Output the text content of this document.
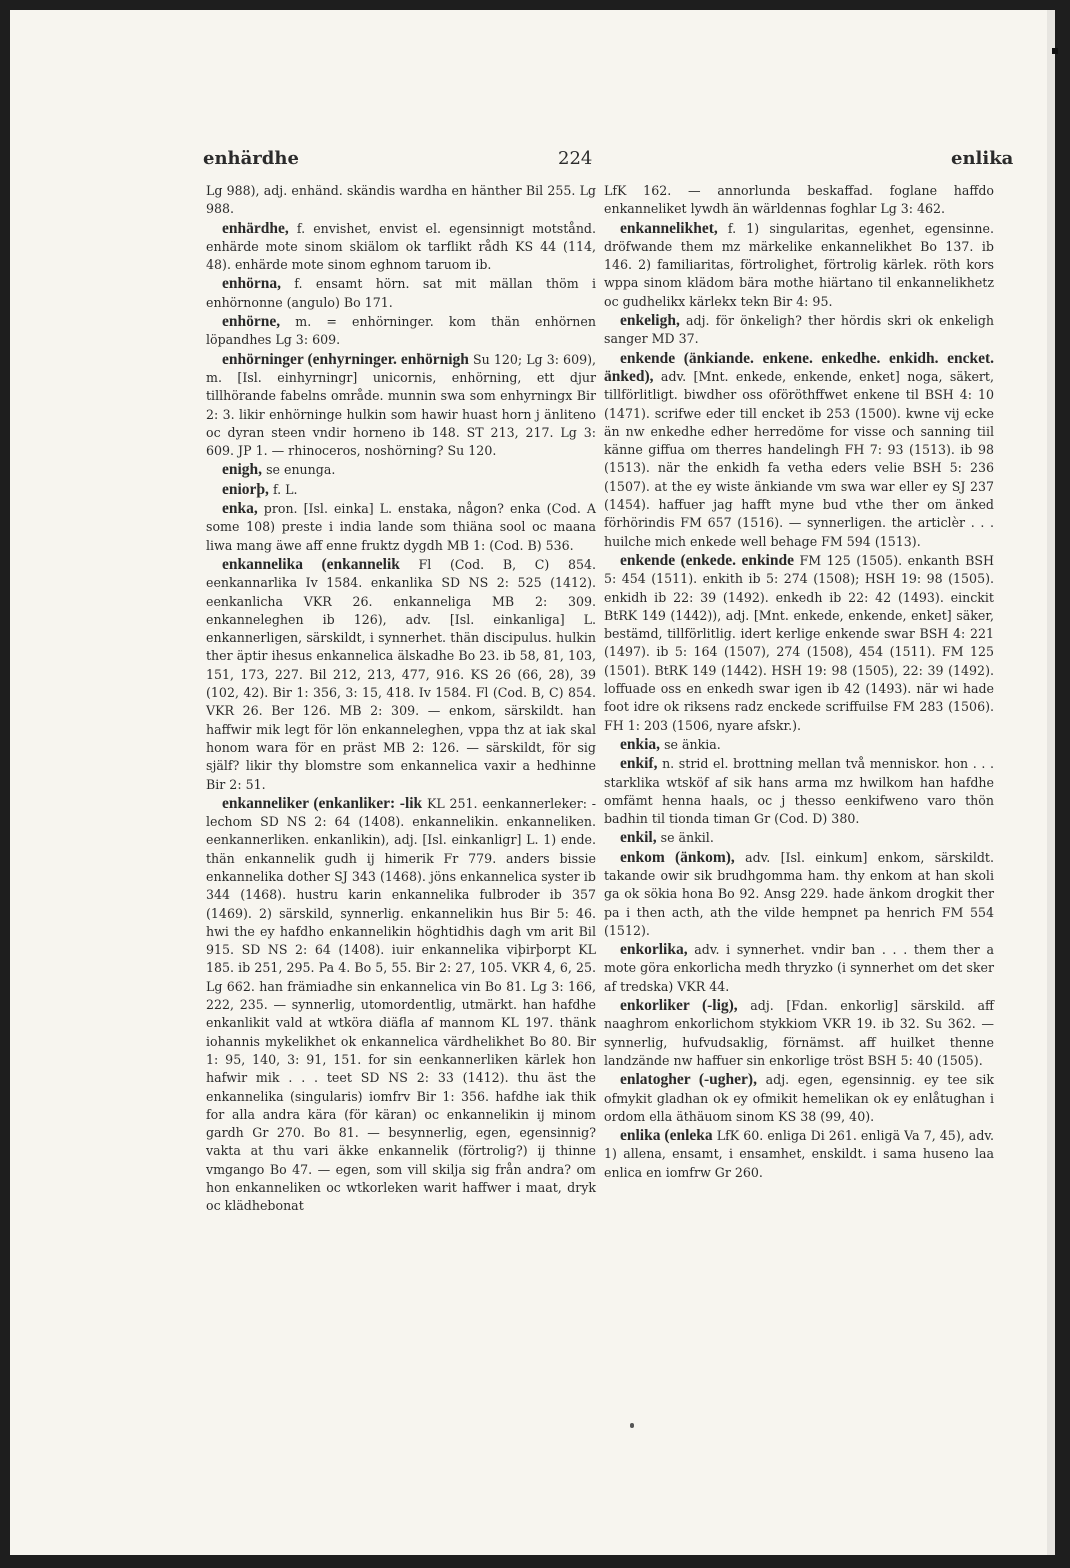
enhärdhe	224	enlika

Lg 988), adj. enhänd. skändis wardha en hänther Bil 255. Lg 988.

enhärdhe, f. envishet, envist el. egensinnigt motstånd. enhärde mote sinom skiälom ok tarflikt rådh KS 44 (114, 48). enhärde mote sinom eghnom taruom ib.

enhörna, f. ensamt hörn. sat mit mällan thöm i enhörnonne (angulo) Bo 171.

enhörne, m. = enhörninger. kom thän enhörnen löpandhes Lg 3: 609.

enhörninger (enhyrninger. enhörnigh Su 120; Lg 3: 609), m. [Isl. einhyrningr] unicornis, enhörning, ett djur tillhörande fabelns område. munnin swa som enhyrningx Bir 2: 3. likir enhörninge hulkin som hawir huast horn j änliteno oc dyran steen vndir horneno ib 148. ST 213, 217. Lg 3: 609. JP 1. — rhinoceros, noshörning? Su 120.

enigh, se enunga.

eniorþ, f. L.

enka, pron. [Isl. einka] L. enstaka, någon? enka (Cod. A some 108) preste i india lande som thiäna sool oc maana liwa mang äwe aff enne fruktz dygdh MB 1: (Cod. B) 536.

enkannelika (enkannelik Fl (Cod. B, C) 854. eenkannarlika Iv 1584. enkanlika SD NS 2: 525 (1412). eenkanlicha VKR 26. enkanneliga MB 2: 309. enkanneleghen ib 126), adv. [Isl. einkanliga] L. enkannerligen, särskildt, i synnerhet. thän discipulus. hulkin ther äptir ihesus enkannelica älskadhe Bo 23. ib 58, 81, 103, 151, 173, 227. Bil 212, 213, 477, 916. KS 26 (66, 28), 39 (102, 42). Bir 1: 356, 3: 15, 418. Iv 1584. Fl (Cod. B, C) 854. VKR 26. Ber 126. MB 2: 309. — enkom, särskildt. han haffwir mik legt för lön enkanneleghen, vppa thz at iak skal honom wara för en präst MB 2: 126. — särskildt, för sig själf? likir thy blomstre som enkannelica vaxir a hedhinne Bir 2: 51.

enkanneliker (enkanliker: -lik KL 251. eenkannerleker: -lechom SD NS 2: 64 (1408). enkannelikin. enkanneliken. eenkannerliken. enkanlikin), adj. [Isl. einkanligr] L. 1) ende. thän enkannelik gudh ij himerik Fr 779. anders bissie enkannelika dother SJ 343 (1468). jöns enkannelica syster ib 344 (1468). hustru karin enkannelika fulbroder ib 357 (1469). 2) särskild, synnerlig. enkannelikin hus Bir 5: 46. hwi the ey hafdho enkannelikin höghtidhis dagh vm arit Bil 915. SD NS 2: 64 (1408). iuir enkannelika viþirþorpt KL 185. ib 251, 295. Pa 4. Bo 5, 55. Bir 2: 27, 105. VKR 4, 6, 25. Lg 662. han främiadhe sin enkannelica vin Bo 81. Lg 3: 166, 222, 235. — synnerlig, utomordentlig, utmärkt. han hafdhe enkanlikit vald at wtköra diäfla af mannom KL 197. thänk iohannis mykelikhet ok enkannelica värdhelikhet Bo 80. Bir 1: 95, 140, 3: 91, 151. for sin eenkannerliken kärlek hon hafwir mik . . . teet SD NS 2: 33 (1412). thu äst the enkannelika (singularis) iomfrv Bir 1: 356. hafdhe iak thik for alla andra kära (för käran) oc enkannelikin ij minom gardh Gr 270. Bo 81. — besynnerlig, egen, egensinnig? vakta at thu vari äkke enkannelik (förtrolig?) ij thinne vmgango Bo 47. — egen, som vill skilja sig från andra? om hon enkanneliken oc wtkorleken warit haffwer i maat, dryk oc klädhebonat

LfK 162. — annorlunda beskaffad. foglane haffdo enkanneliket lywdh än wärldennas foghlar Lg 3: 462.

enkannelikhet, f. 1) singularitas, egenhet, egensinne. dröfwande them mz märkelike enkannelikhet Bo 137. ib 146. 2) familiaritas, förtrolighet, förtrolig kärlek. röth kors wppa sinom klädom bära mothe hiärtano til enkannelikhetz oc gudhelikx kärlekx tekn Bir 4: 95.

enkeligh, adj. för önkeligh? ther hördis skri ok enkeligh sanger MD 37.

enkende (änkiande. enkene. enkedhe. enkidh. encket. änked), adv. [Mnt. enkede, enkende, enket] noga, säkert, tillförlitligt. biwdher oss oföröthffwet enkene til BSH 4: 10 (1471). scrifwe eder till encket ib 253 (1500). kwne vij ecke än nw enkedhe edher herredöme for visse och sanning tiil känne giffua om therres handelingh FH 7: 93 (1513). ib 98 (1513). när the enkidh fa vetha eders velie BSH 5: 236 (1507). at the ey wiste änkiande vm swa war eller ey SJ 237 (1454). haffuer jag hafft myne bud vthe ther om änked förhörindis FM 657 (1516). — synnerligen. the articlèr . . . huilche mich enkede well behage FM 594 (1513).

enkende (enkede. enkinde FM 125 (1505). enkanth BSH 5: 454 (1511). enkith ib 5: 274 (1508); HSH 19: 98 (1505). enkidh ib 22: 39 (1492). enkedh ib 22: 42 (1493). einckit BtRK 149 (1442)), adj. [Mnt. enkede, enkende, enket] säker, bestämd, tillförlitlig. idert kerlige enkende swar BSH 4: 221 (1497). ib 5: 164 (1507), 274 (1508), 454 (1511). FM 125 (1501). BtRK 149 (1442). HSH 19: 98 (1505), 22: 39 (1492). loffuade oss en enkedh swar igen ib 42 (1493). när wi hade foot idre ok riksens radz enckede scriffuilse FM 283 (1506). FH 1: 203 (1506, nyare afskr.).

enkia, se änkia.

enkif, n. strid el. brottning mellan två menniskor. hon . . . starklika wtsköf af sik hans arma mz hwilkom han hafdhe omfämt henna haals, oc j thesso eenkifweno varo thön badhin til tionda timan Gr (Cod. D) 380.

enkil, se änkil.

enkom (änkom), adv. [Isl. einkum] enkom, särskildt. takande owir sik brudhgomma ham. thy enkom at han skoli ga ok sökia hona Bo 92. Ansg 229. hade änkom drogkit ther pa i then acth, ath the vilde hempnet pa henrich FM 554 (1512).

enkorlika, adv. i synnerhet. vndir ban . . . them ther a mote göra enkorlicha medh thryzko (i synnerhet om det sker af tredska) VKR 44.

enkorliker (-lig), adj. [Fdan. enkorlig] särskild. aff naaghrom enkorlichom stykkiom VKR 19. ib 32. Su 362. — synnerlig, hufvudsaklig, förnämst. aff huilket thenne landzände nw haffuer sin enkorlige tröst BSH 5: 40 (1505).

enlatogher (-ugher), adj. egen, egensinnig. ey tee sik ofmykit gladhan ok ey ofmikit hemelikan ok ey enlåtughan i ordom ella äthäuom sinom KS 38 (99, 40).

enlika (enleka LfK 60. enliga Di 261. enligä Va 7, 45), adv. 1) allena, ensamt, i ensamhet, enskildt. i sama huseno laa enlica en iomfrw Gr 260.
